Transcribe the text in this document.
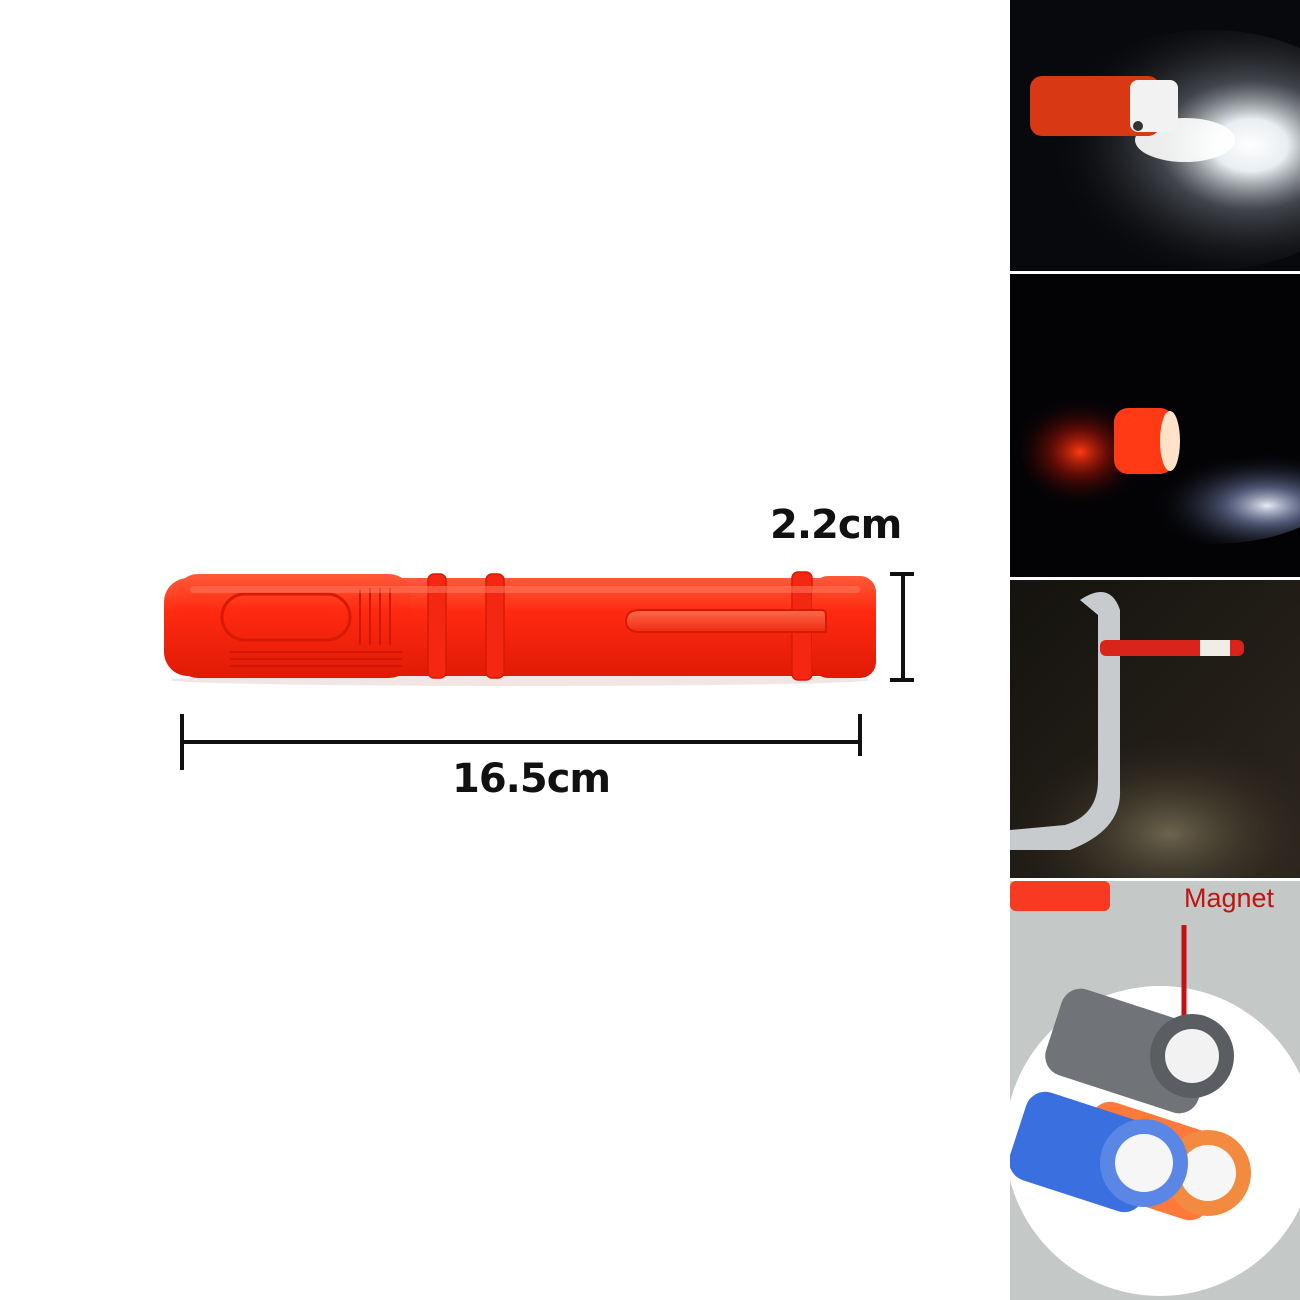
2.2cm
16.5cm
Magnet
